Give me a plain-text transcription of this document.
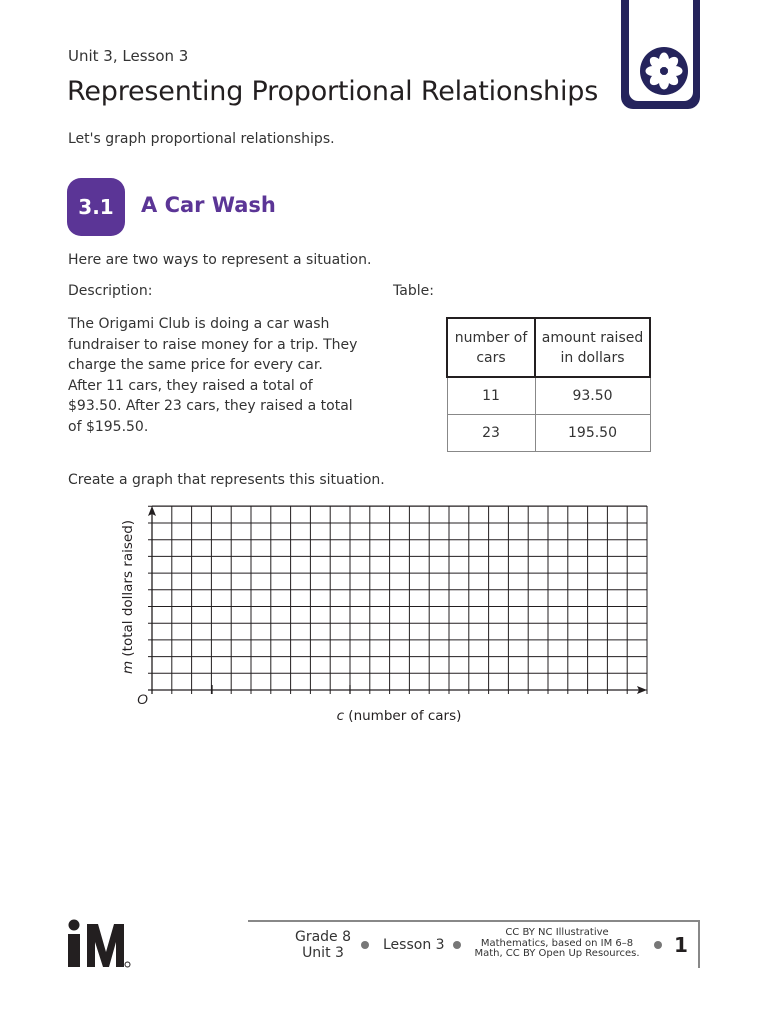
Unit 3, Lesson 3
Representing Proportional Relationships
Let's graph proportional relationships.
3.1	A Car Wash
Here are two ways to represent a situation.
Description:	Table:
The Origami Club is doing a car wash fundraiser to raise money for a trip. They charge the same price for every car. After 11 cars, they raised a total of $93.50. After 23 cars, they raised a total of $195.50.
number of cars	amount raised in dollars
11	93.50
23	195.50
Create a graph that represents this situation.
O
c (number of cars)
m (total dollars raised)
Grade 8
Unit 3	Lesson 3
CC BY NC Illustrative Mathematics, based on IM 6–8 Math, CC BY Open Up Resources. 1
